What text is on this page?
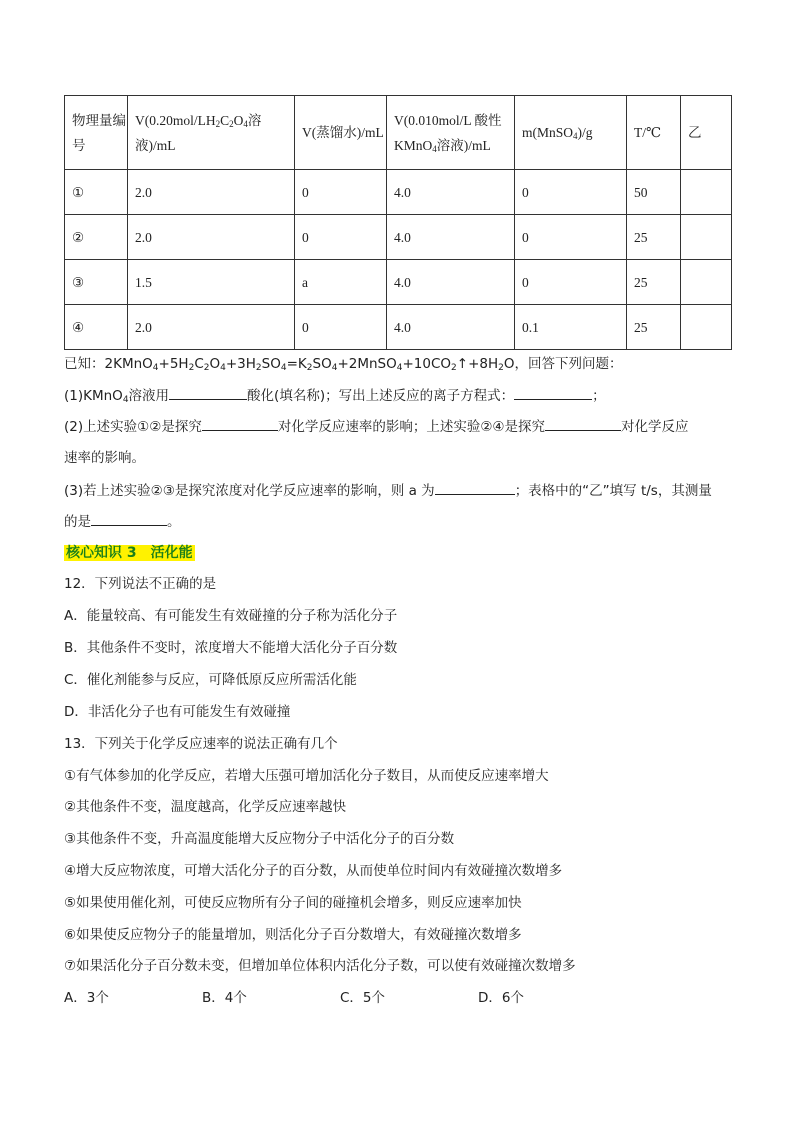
物理量编号	$V(0.20mol/LH_2C_2O_4$溶液)/mL	V(蒸馏水)/mL	V(0.010mol/L 酸性 KMnO$_4$溶液)/mL	m(MnSO$_4$)/g	T/℃	乙
①	2.0	0	4.0	0	50	
②	2.0	0	4.0	0	25	
③	1.5	a	4.0	0	25	
④	2.0	0	4.0	0.1	25	
已知：$2KMnO_4+5H_2C_2O_4+3H_2SO_4=K_2SO_4+2MnSO_4+10CO_2↑+8H_2O$，回答下列问题：
(1)KMnO$_4$溶液用	酸化(填名称)；写出上述反应的离子方程式：	；
(2)上述实验①②是探究	对化学反应速率的影响；上述实验②④是探究	对化学反应
速率的影响。
(3)若上述实验②③是探究浓度对化学反应速率的影响，则 a 为	；表格中的“乙”填写 t/s，其测量
的是	。
核心知识 3　活化能
12．下列说法不正确的是
A．能量较高、有可能发生有效碰撞的分子称为活化分子
B．其他条件不变时，浓度增大不能增大活化分子百分数
C．催化剂能参与反应，可降低原反应所需活化能
D．非活化分子也有可能发生有效碰撞
13．下列关于化学反应速率的说法正确有几个
①有气体参加的化学反应，若增大压强可增加活化分子数目，从而使反应速率增大
②其他条件不变，温度越高，化学反应速率越快
③其他条件不变，升高温度能增大反应物分子中活化分子的百分数
④增大反应物浓度，可增大活化分子的百分数，从而使单位时间内有效碰撞次数增多
⑤如果使用催化剂，可使反应物所有分子间的碰撞机会增多，则反应速率加快
⑥如果使反应物分子的能量增加，则活化分子百分数增大，有效碰撞次数增多
⑦如果活化分子百分数未变，但增加单位体积内活化分子数，可以使有效碰撞次数增多
A．3个	B．4个	C．5个	D．6个
